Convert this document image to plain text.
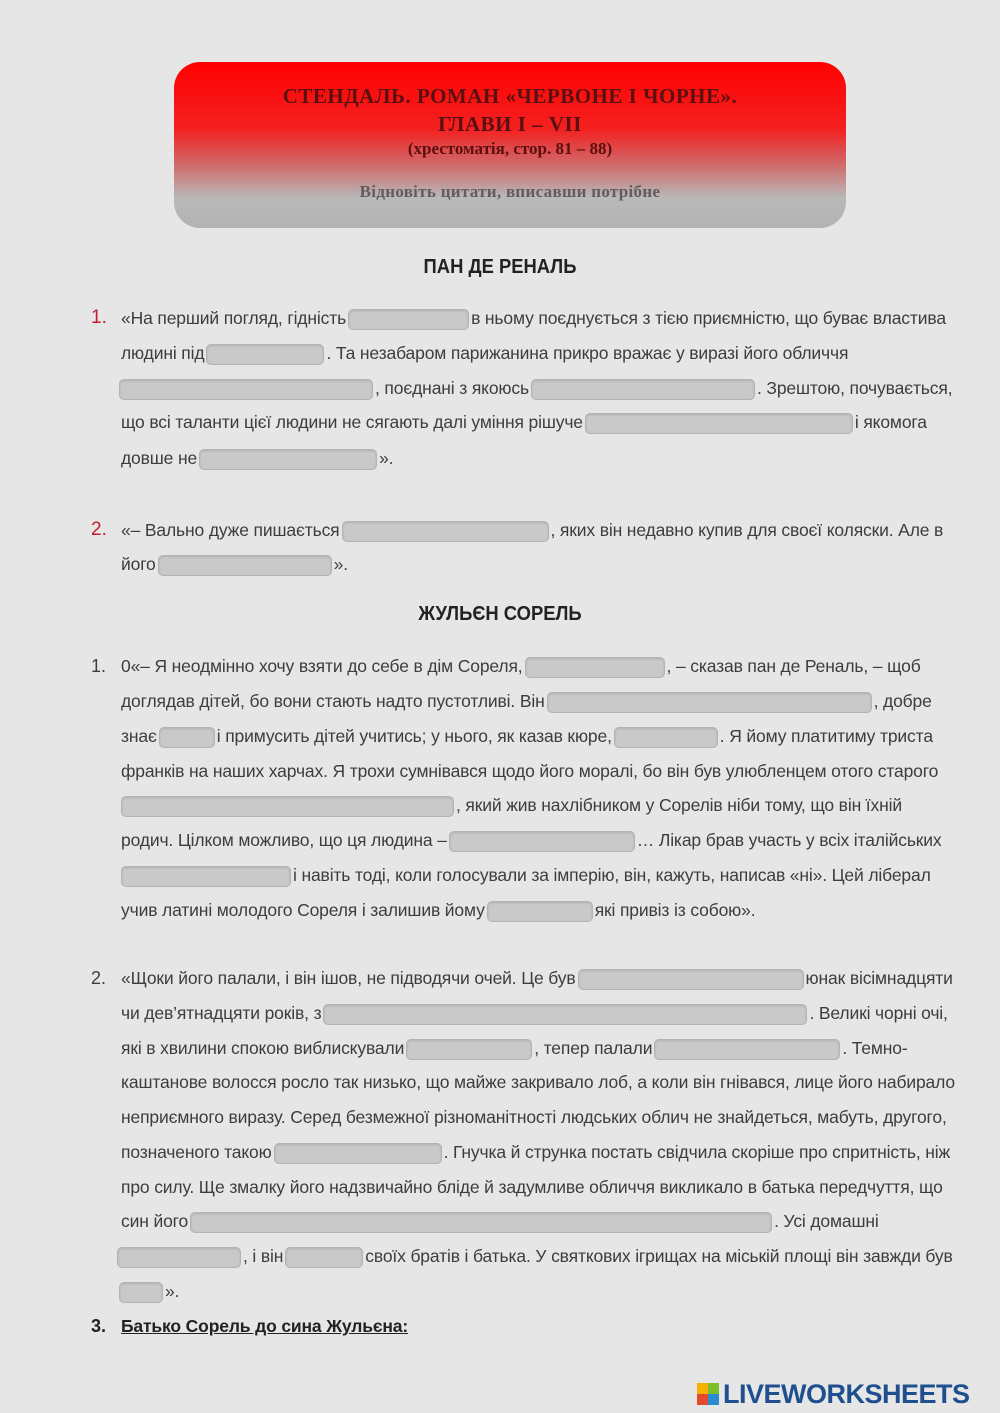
СТЕНДАЛЬ. РОМАН «ЧЕРВОНЕ І ЧОРНЕ».
ГЛАВИ І – VII
(хрестоматія, стор. 81 – 88)
Відновіть цитати, вписавши потрібне
ПАН ДЕ РЕНАЛЬ
1. «На перший погляд, гідність	в ньому поєднується з тією приємністю, що буває властива
людині під	. Та незабаром парижанина прикро вражає у виразі його обличчя
, поєднані з якоюсь	. Зрештою, почувається,
що всі таланти цієї людини не сягають далі уміння рішуче	і якомога
довше не	».
2. «– Вально дуже пишається	, яких він недавно купив для своєї коляски. Але в
його	».
ЖУЛЬЄН СОРЕЛЬ
1. 0«– Я неодмінно хочу взяти до себе в дім Сореля,	, – сказав пан де Реналь, – щоб
доглядав дітей, бо вони стають надто пустотливі. Він	, добре
знає	і примусить дітей учитись; у нього, як казав кюре,	. Я йому платитиму триста
франків на наших харчах. Я трохи сумнівався щодо його моралі, бо він був улюбленцем отого старого
, який жив нахлібником у Сорелів ніби тому, що він їхній
родич. Цілком можливо, що ця людина –	… Лікар брав участь у всіх італійських
і навіть тоді, коли голосували за імперію, він, кажуть, написав «ні». Цей ліберал
учив латині молодого Сореля і залишив йому	які привіз із собою».
2. «Щоки його палали, і він ішов, не підводячи очей. Це був	юнак вісімнадцяти
чи дев’ятнадцяти років, з	. Великі чорні очі,
які в хвилини спокою виблискували	, тепер палали	. Темно-
каштанове волосся росло так низько, що майже закривало лоб, а коли він гнівався, лице його набирало
неприємного виразу. Серед безмежної різноманітності людських облич не знайдеться, мабуть, другого,
позначеного такою	. Гнучка й струнка постать свідчила скоріше про спритність, ніж
про силу. Ще змалку його надзвичайно бліде й задумливе обличчя викликало в батька передчуття, що
син його	. Усі домашні
, і він	своїх братів і батька. У святкових ігрищах на міській площі він завжди був
».
3. Батько Сорель до сина Жульєна:
LIVEWORKSHEETS
